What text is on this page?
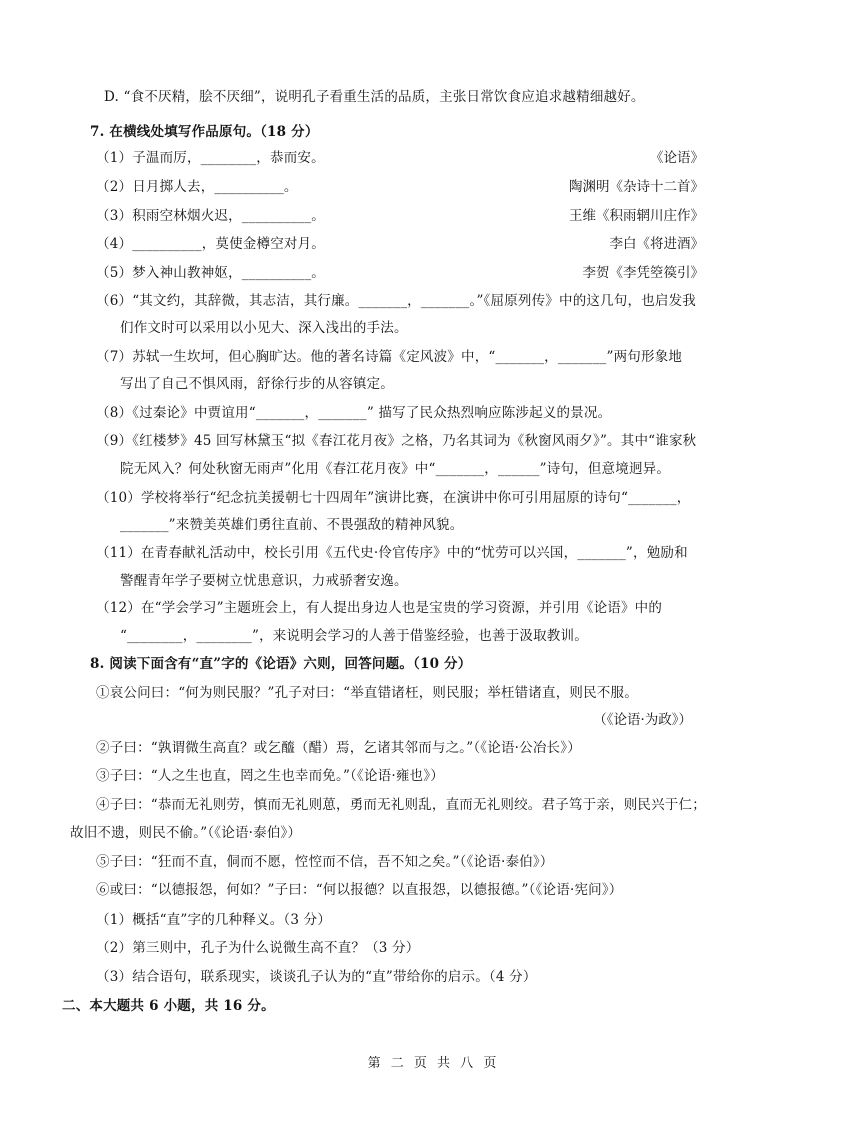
D. “食不厌精，脍不厌细”，说明孔子看重生活的品质，主张日常饮食应追求越精细越好。
7. 在横线处填写作品原句。（18 分）
（1）子温而厉，________，恭而安。	《论语》
（2）日月掷人去，__________。	陶渊明《杂诗十二首》
（3）积雨空林烟火迟，__________。	王维《积雨辋川庄作》
（4）__________，莫使金樽空对月。	李白《将进酒》
（5）梦入神山教神妪，__________。	李贺《李凭箜篌引》
（6）“其文约，其辞微，其志洁，其行廉。_______，_______。”《屈原列传》中的这几句，也启发我
们作文时可以采用以小见大、深入浅出的手法。
（7）苏轼一生坎坷，但心胸旷达。他的著名诗篇《定风波》中，“_______，_______”两句形象地
写出了自己不惧风雨，舒徐行步的从容镇定。
（8）《过秦论》中贾谊用“_______，_______” 描写了民众热烈响应陈涉起义的景况。
（9）《红楼梦》45 回写林黛玉“拟《春江花月夜》之格，乃名其词为《秋窗风雨夕》”。其中“谁家秋
院无风入？何处秋窗无雨声”化用《春江花月夜》中“_______，______”诗句，但意境迥异。
（10）学校将举行“纪念抗美援朝七十四周年”演讲比赛，在演讲中你可引用屈原的诗句“_______，
_______”来赞美英雄们勇往直前、不畏强敌的精神风貌。
（11）在青春献礼活动中，校长引用《五代史·伶官传序》中的“忧劳可以兴国，_______”，勉励和
警醒青年学子要树立忧患意识，力戒骄奢安逸。
（12）在“学会学习”主题班会上，有人提出身边人也是宝贵的学习资源，并引用《论语》中的
“________，________”，来说明会学习的人善于借鉴经验，也善于汲取教训。
8. 阅读下面含有“直”字的《论语》六则，回答问题。（10 分）
①哀公问曰：“何为则民服？”孔子对曰：“举直错诸枉，则民服；举枉错诸直，则民不服。
（《论语·为政》）
②子曰：“孰谓微生高直？或乞醯（醋）焉，乞诸其邻而与之。”（《论语·公冶长》）
③子曰：“人之生也直，罔之生也幸而免。”（《论语·雍也》）
④子曰：“恭而无礼则劳，慎而无礼则葸，勇而无礼则乱，直而无礼则绞。君子笃于亲，则民兴于仁；
故旧不遗，则民不偷。”（《论语·泰伯》）
⑤子曰：“狂而不直，侗而不愿，悾悾而不信，吾不知之矣。”（《论语·泰伯》）
⑥或曰：“以德报怨，何如？”子曰：“何以报德？以直报怨，以德报德。”（《论语·宪问》）
（1）概括“直”字的几种释义。（3 分）
（2）第三则中，孔子为什么说微生高不直？（3 分）
（3）结合语句，联系现实，谈谈孔子认为的“直”带给你的启示。（4 分）
二、本大题共 6 小题，共 16 分。
第 二 页 共 八 页
